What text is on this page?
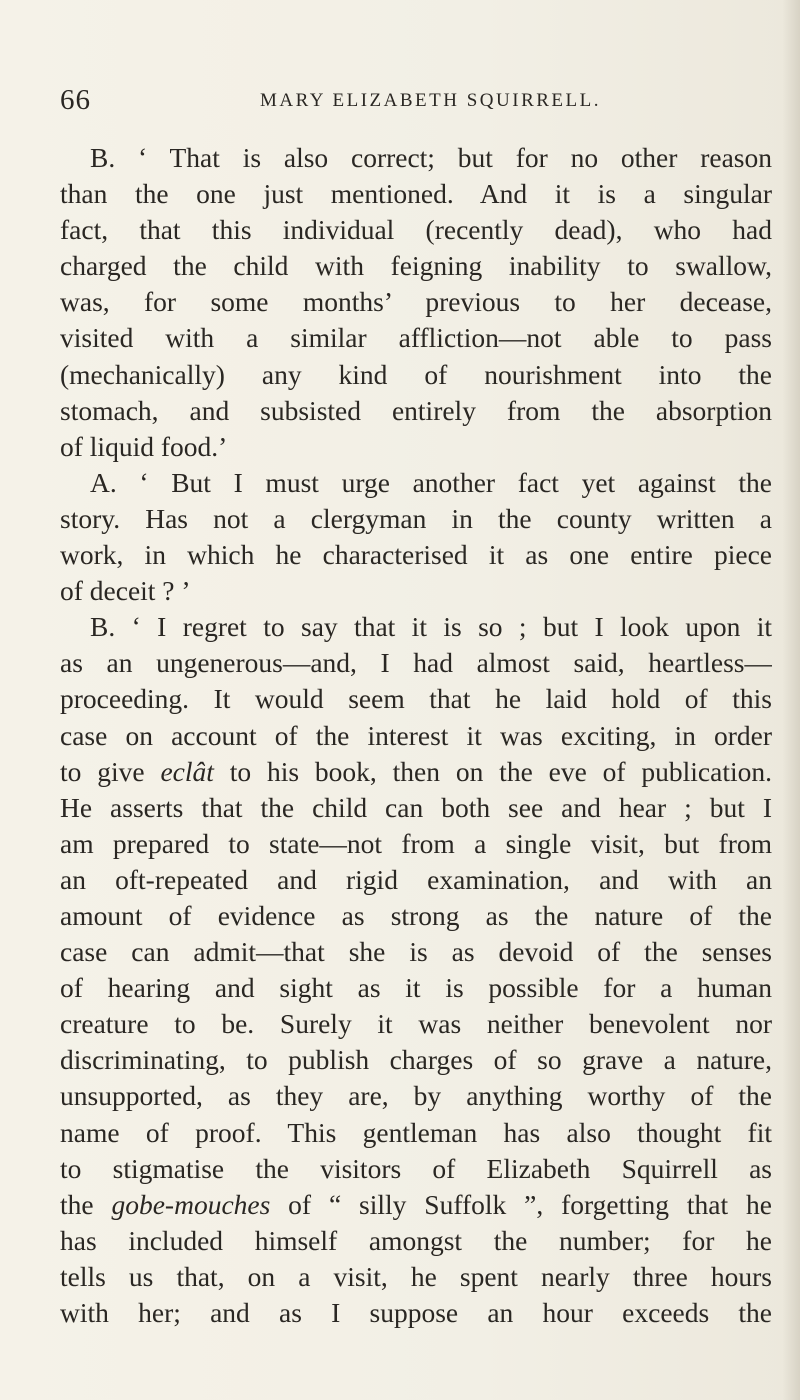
66	MARY ELIZABETH SQUIRRELL.
B. ‘ That is also correct; but for no other reason
than the one just mentioned. And it is a singular
fact, that this individual (recently dead), who had
charged the child with feigning inability to swallow,
was, for some months’ previous to her decease,
visited with a similar affliction—not able to pass
(mechanically) any kind of nourishment into the
stomach, and subsisted entirely from the absorption
of liquid food.’
A. ‘ But I must urge another fact yet against the
story. Has not a clergyman in the county written a
work, in which he characterised it as one entire piece
of deceit ? ’
B. ‘ I regret to say that it is so ; but I look upon it
as an ungenerous—and, I had almost said, heartless—
proceeding. It would seem that he laid hold of this
case on account of the interest it was exciting, in order
to give eclât to his book, then on the eve of publication.
He asserts that the child can both see and hear ; but I
am prepared to state—not from a single visit, but from
an oft-repeated and rigid examination, and with an
amount of evidence as strong as the nature of the
case can admit—that she is as devoid of the senses
of hearing and sight as it is possible for a human
creature to be. Surely it was neither benevolent nor
discriminating, to publish charges of so grave a nature,
unsupported, as they are, by anything worthy of the
name of proof. This gentleman has also thought fit
to stigmatise the visitors of Elizabeth Squirrell as
the gobe-mouches of “ silly Suffolk ”, forgetting that he
has included himself amongst the number; for he
tells us that, on a visit, he spent nearly three hours
with her; and as I suppose an hour exceeds the
